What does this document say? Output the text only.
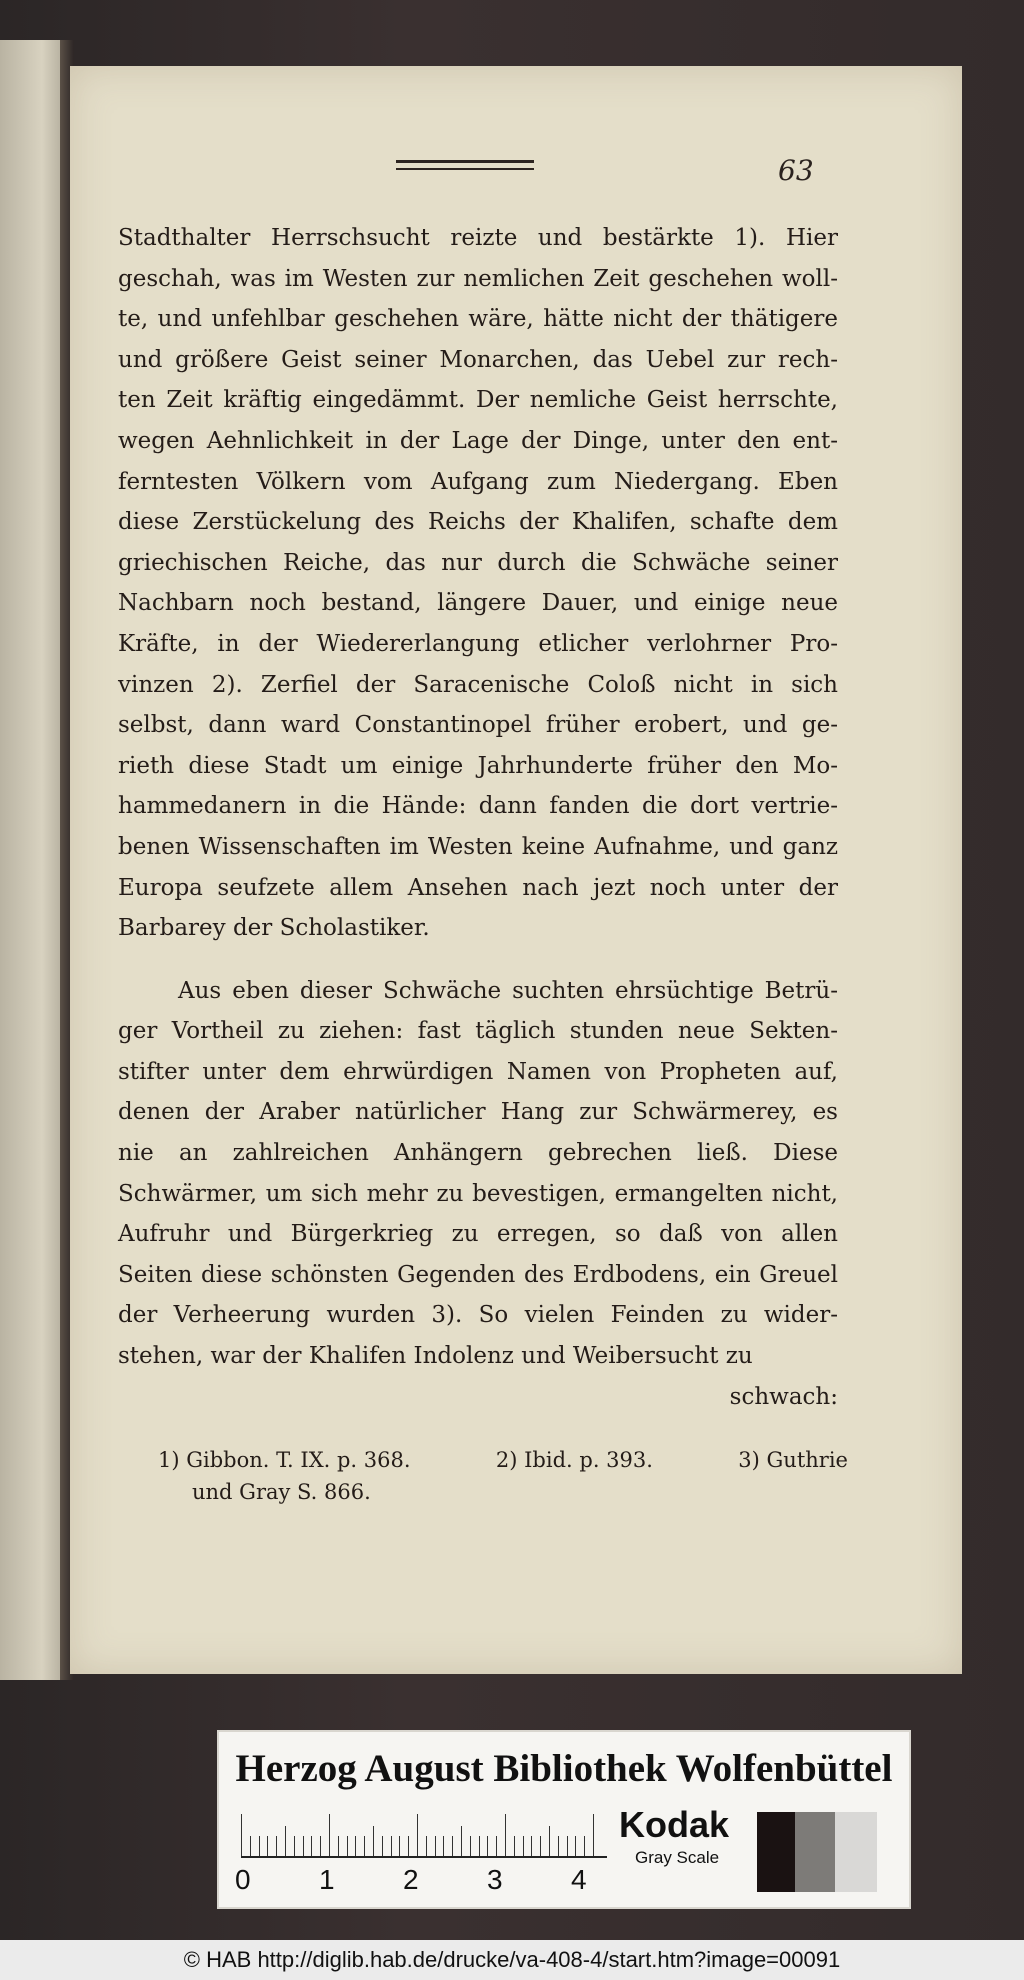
63
Stadthalter Herrschsucht reizte und bestärkte 1). Hier
geschah, was im Westen zur nemlichen Zeit geschehen woll-
te, und unfehlbar geschehen wäre, hätte nicht der thätigere
und größere Geist seiner Monarchen, das Uebel zur rech-
ten Zeit kräftig eingedämmt. Der nemliche Geist herrschte,
wegen Aehnlichkeit in der Lage der Dinge, unter den ent-
ferntesten Völkern vom Aufgang zum Niedergang. Eben
diese Zerstückelung des Reichs der Khalifen, schafte dem
griechischen Reiche, das nur durch die Schwäche seiner
Nachbarn noch bestand, längere Dauer, und einige neue
Kräfte, in der Wiedererlangung etlicher verlohrner Pro-
vinzen 2). Zerfiel der Saracenische Coloß nicht in sich
selbst, dann ward Constantinopel früher erobert, und ge-
rieth diese Stadt um einige Jahrhunderte früher den Mo-
hammedanern in die Hände: dann fanden die dort vertrie-
benen Wissenschaften im Westen keine Aufnahme, und ganz
Europa seufzete allem Ansehen nach jezt noch unter der
Barbarey der Scholastiker.
Aus eben dieser Schwäche suchten ehrsüchtige Betrü-
ger Vortheil zu ziehen: fast täglich stunden neue Sekten-
stifter unter dem ehrwürdigen Namen von Propheten auf,
denen der Araber natürlicher Hang zur Schwärmerey, es
nie an zahlreichen Anhängern gebrechen ließ. Diese
Schwärmer, um sich mehr zu bevestigen, ermangelten nicht,
Aufruhr und Bürgerkrieg zu erregen, so daß von allen
Seiten diese schönsten Gegenden des Erdbodens, ein Greuel
der Verheerung wurden 3). So vielen Feinden zu wider-
stehen, war der Khalifen Indolenz und Weibersucht zu
schwach:
1) Gibbon. T. IX. p. 368.	2) Ibid. p. 393.	3) Guthrie
und Gray S. 866.
Herzog August Bibliothek Wolfenbüttel
0 1 2 3 4
Kodak
Gray Scale
© HAB http://diglib.hab.de/drucke/va-408-4/start.htm?image=00091
